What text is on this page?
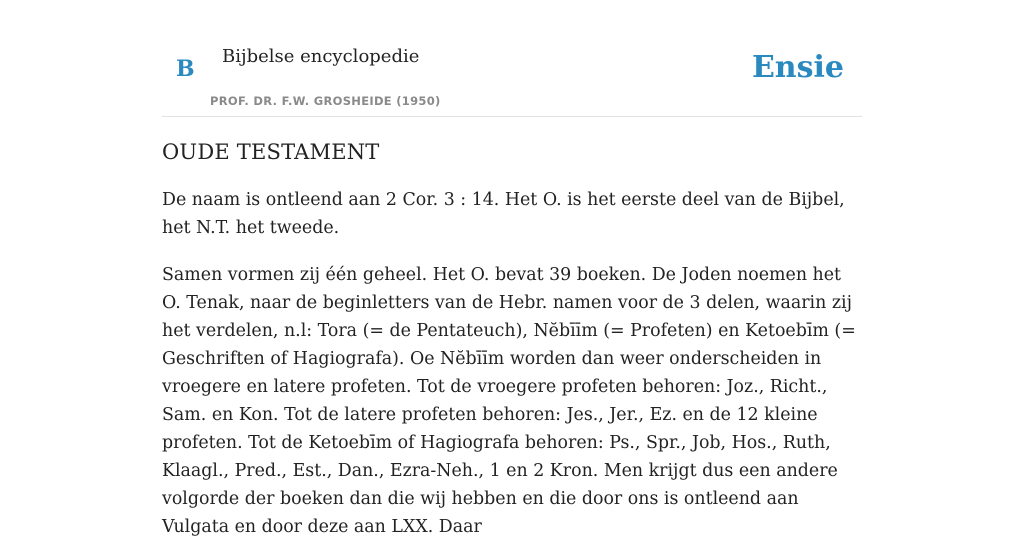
B Bijbelse encyclopedie
PROF. DR. F.W. GROSHEIDE (1950)
Ensie
OUDE TESTAMENT

De naam is ontleend aan 2 Cor. 3 : 14. Het O. is het eerste deel van de Bijbel, het N.T. het tweede.

Samen vormen zij één geheel. Het O. bevat 39 boeken. De Joden noemen het O. Tenak, naar de beginletters van de Hebr. namen voor de 3 delen, waarin zij het verdelen, n.l: Tora (= de Pentateuch), Nĕbīīm (= Profeten) en Ketoebīm (= Geschriften of Hagiografa). Oe Nĕbīīm worden dan weer onderscheiden in vroegere en latere profeten. Tot de vroegere profeten behoren: Joz., Richt., Sam. en Kon. Tot de latere profeten behoren: Jes., Jer., Ez. en de 12 kleine profeten. Tot de Ketoebīm of Hagiografa behoren: Ps., Spr., Job, Hos., Ruth, Klaagl., Pred., Est., Dan., Ezra-Neh., 1 en 2 Kron. Men krijgt dus een andere volgorde der boeken dan die wij hebben en die door ons is ontleend aan Vulgata en door deze aan LXX. Daar
